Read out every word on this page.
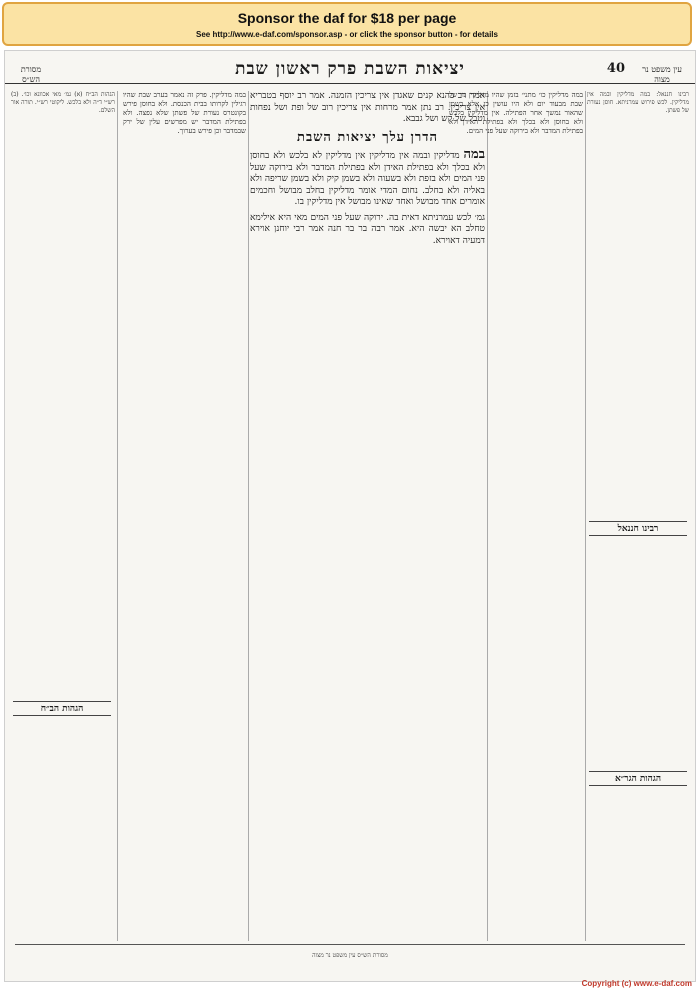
Sponsor the daf for $18 per page
See http://www.e-daf.com/sponsor.asp - or click the sponsor button - for details
40
יציאות השבת פרק ראשון שבת	עין משפט נר מצוה
מסורת הש״ס

רבינו חננאל: במה מדליקין ובמה אין מדליקין. לכש פירוש עמרניתא. חוסן נעורת של פשתן.

במה מדליקין כו׳ מתני׳ בזמן שהיו מדליקין נר של שבת מבעוד יום ולא היו עושין כן אלא בשמן שהאור נמשך אחר הפתילה. אין מדליקין בלכש ולא בחוסן ולא בכלך ולא בפתילת האידן ולא בפתילת המדבר ולא בירוקה שעל פני המים.

אמר רב כהנא קנים שאגדן אין צריכין הזמנה. אמר רב יוסף בטבריא אין צריכין. רב נתן אמר מרחות אין צריכין רוב של ופת ושל נפחות וטבל של קש ושל גבבא.

הדרן עלך יציאות השבת

במה מדליקין ובמה אין מדליקין אין מדליקין לא בלכש ולא בחוסן ולא בכלך ולא בפתילת האידן ולא בפתילת המדבר ולא בירוקה שעל פני המים ולא בזפת ולא בשעוה ולא בשמן קיק ולא בשמן שריפה ולא באליה ולא בחלב. נחום המדי אומר מדליקין בחלב מבושל וחכמים אומרים אחד מבושל ואחד שאינו מבושל אין מדליקין בו.

גמ׳ לכש עמרניתא דאית בה. ירוקה שעל פני המים מאי היא אילימא טחלב הא יבשה היא. אמר רבה בר בר חנה אמר רבי יוחנן אוירא דמעיה דאוירא.

במה מדליקין. פרק זה נאמר בערב שבת שהיו רגילין לקרותו בבית הכנסת. ולא בחוסן פירש בקונטרס נעורת של פשתן שלא נפצה. ולא בפתילת המדבר יש מפרשים עלין של ירק שבמדבר וכן פירש בערוך.

הגהות הב״ח (א) גמ׳ מאי אכוונא וכו׳. (ב) רש״י ד״ה ולא בלכש. ליקוטי רש״י. תורה אור השלם.

רבינו חננאל
הגהות הב״ח
הגהות הגר״א
מסורת הש״ס עין משפט נר מצוה
Copyright (c) www.e-daf.com
